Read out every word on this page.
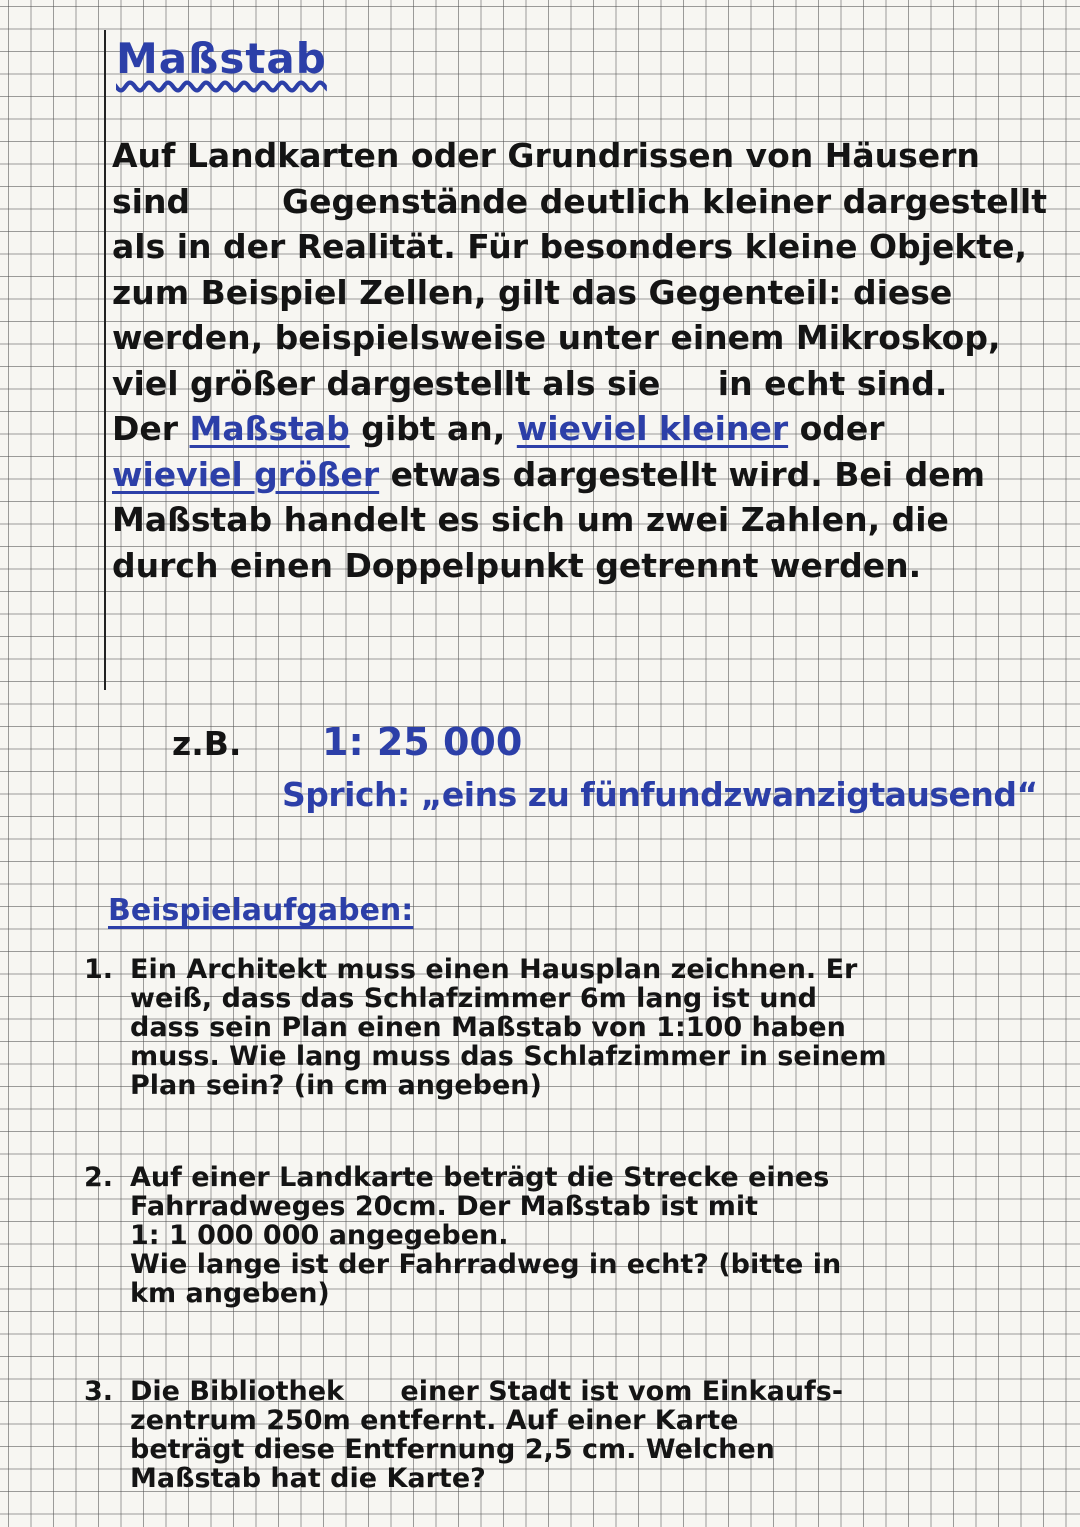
Maßstab

Auf Landkarten oder Grundrissen von Häusern

sind        Gegenstände deutlich kleiner dargestellt

als in der Realität. Für besonders kleine Objekte,

zum Beispiel Zellen, gilt das Gegenteil: diese

werden, beispielsweise unter einem Mikroskop,

viel größer dargestellt als sie     in echt sind.

Der Maßstab gibt an, wieviel kleiner oder

wieviel größer etwas dargestellt wird. Bei dem

Maßstab handelt es sich um zwei Zahlen, die

durch einen Doppelpunkt getrennt werden.

z.B. 1: 25 000
Sprich: „eins zu fünfundzwanzigtausend“
Beispielaufgaben:

1. Ein Architekt muss einen Hausplan zeichnen. Er

weiß, dass das Schlafzimmer 6m lang ist und

dass sein Plan einen Maßstab von 1:100 haben

muss. Wie lang muss das Schlafzimmer in seinem

Plan sein? (in cm angeben)

2. Auf einer Landkarte beträgt die Strecke eines

Fahrradweges 20cm. Der Maßstab ist mit

1: 1 000 000 angegeben.

Wie lange ist der Fahrradweg in echt? (bitte in

km angeben)

3. Die Bibliothek      einer Stadt ist vom Einkaufs-

zentrum 250m entfernt. Auf einer Karte

beträgt diese Entfernung 2,5 cm. Welchen

Maßstab hat die Karte?
